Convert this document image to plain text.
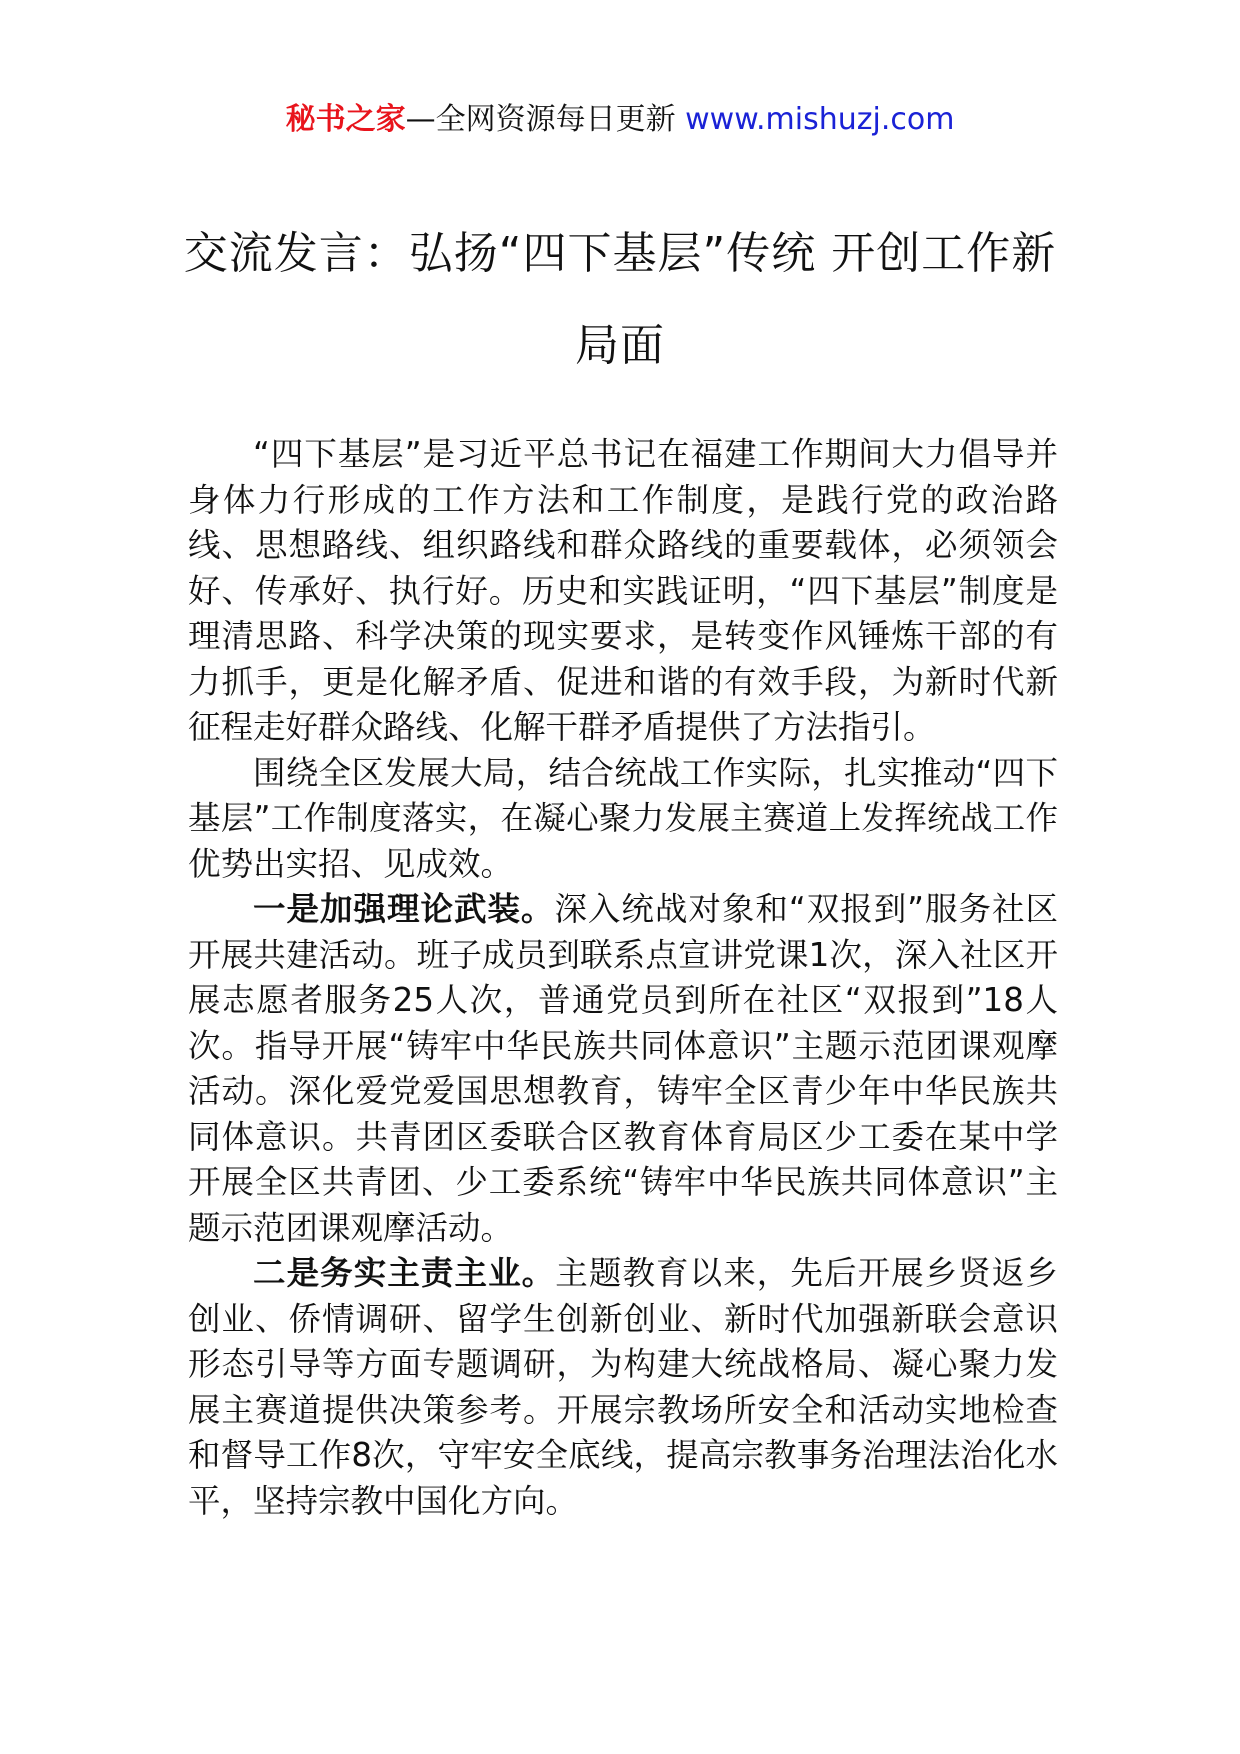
秘书之家—全网资源每日更新 www.mishuzj.com
交流发言：弘扬“四下基层”传统 开创工作新局面

“四下基层”是习近平总书记在福建工作期间大力倡导并身体力行形成的工作方法和工作制度，是践行党的政治路线、思想路线、组织路线和群众路线的重要载体，必须领会好、传承好、执行好。历史和实践证明，“四下基层”制度是理清思路、科学决策的现实要求，是转变作风锤炼干部的有力抓手，更是化解矛盾、促进和谐的有效手段，为新时代新征程走好群众路线、化解干群矛盾提供了方法指引。

围绕全区发展大局，结合统战工作实际，扎实推动“四下基层”工作制度落实，在凝心聚力发展主赛道上发挥统战工作优势出实招、见成效。

一是加强理论武装。深入统战对象和“双报到”服务社区开展共建活动。班子成员到联系点宣讲党课1次，深入社区开展志愿者服务25人次，普通党员到所在社区“双报到”18人次。指导开展“铸牢中华民族共同体意识”主题示范团课观摩活动。深化爱党爱国思想教育，铸牢全区青少年中华民族共同体意识。共青团区委联合区教育体育局区少工委在某中学开展全区共青团、少工委系统“铸牢中华民族共同体意识”主题示范团课观摩活动。

二是务实主责主业。主题教育以来，先后开展乡贤返乡创业、侨情调研、留学生创新创业、新时代加强新联会意识形态引导等方面专题调研，为构建大统战格局、凝心聚力发展主赛道提供决策参考。开展宗教场所安全和活动实地检查和督导工作8次，守牢安全底线，提高宗教事务治理法治化水平，坚持宗教中国化方向。
